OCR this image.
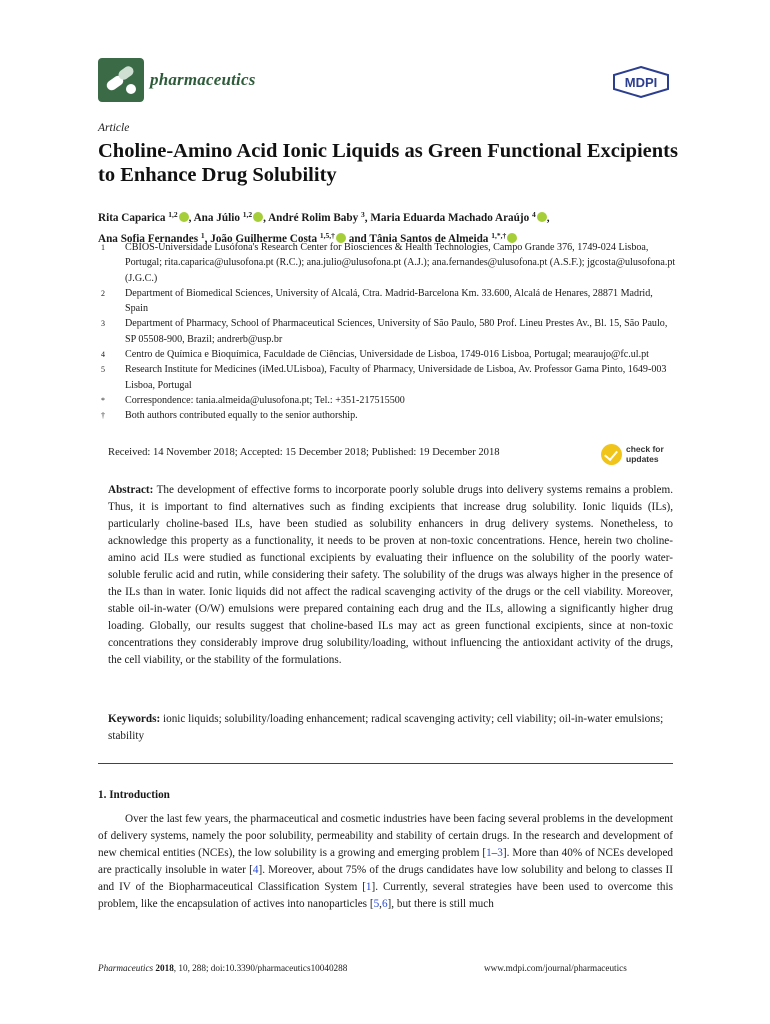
pharmaceutics	MDPI
Article
Choline-Amino Acid Ionic Liquids as Green Functional Excipients to Enhance Drug Solubility
Rita Caparica $^{1,2}$ , Ana Júlio $^{1,2}$ , André Rolim Baby $^3$, Maria Eduarda Machado Araújo $^4$ ,
Ana Sofia Fernandes $^1$, João Guilherme Costa $^{1,5,\dagger}$ and Tânia Santos de Almeida $^{1,*,\dagger}$
1	CBIOS-Universidade Lusófona's Research Center for Biosciences & Health Technologies, Campo Grande 376, 1749-024 Lisboa, Portugal; rita.caparica@ulusofona.pt (R.C.); ana.julio@ulusofona.pt (A.J.); ana.fernandes@ulusofona.pt (A.S.F.); jgcosta@ulusofona.pt (J.G.C.)
2	Department of Biomedical Sciences, University of Alcalá, Ctra. Madrid-Barcelona Km. 33.600, Alcalá de Henares, 28871 Madrid, Spain
3	Department of Pharmacy, School of Pharmaceutical Sciences, University of São Paulo, 580 Prof. Lineu Prestes Av., Bl. 15, São Paulo, SP 05508-900, Brazil; andrerb@usp.br
4	Centro de Química e Bioquímica, Faculdade de Ciências, Universidade de Lisboa, 1749-016 Lisboa, Portugal; mearaujo@fc.ul.pt
5	Research Institute for Medicines (iMed.ULisboa), Faculty of Pharmacy, Universidade de Lisboa, Av. Professor Gama Pinto, 1649-003 Lisboa, Portugal
*	Correspondence: tania.almeida@ulusofona.pt; Tel.: +351-217515500
†	Both authors contributed equally to the senior authorship.
Received: 14 November 2018; Accepted: 15 December 2018; Published: 19 December 2018	check for
updates
Abstract: The development of effective forms to incorporate poorly soluble drugs into delivery systems remains a problem. Thus, it is important to find alternatives such as finding excipients that increase drug solubility. Ionic liquids (ILs), particularly choline-based ILs, have been studied as solubility enhancers in drug delivery systems. Nonetheless, to acknowledge this property as a functionality, it needs to be proven at non-toxic concentrations. Hence, herein two choline-amino acid ILs were studied as functional excipients by evaluating their influence on the solubility of the poorly water-soluble ferulic acid and rutin, while considering their safety. The solubility of the drugs was always higher in the presence of the ILs than in water. Ionic liquids did not affect the radical scavenging activity of the drugs or the cell viability. Moreover, stable oil-in-water (O/W) emulsions were prepared containing each drug and the ILs, allowing a significantly higher drug loading. Globally, our results suggest that choline-based ILs may act as green functional excipients, since at non-toxic concentrations they considerably improve drug solubility/loading, without influencing the antioxidant activity of the drugs, the cell viability, or the stability of the formulations.
Keywords: ionic liquids; solubility/loading enhancement; radical scavenging activity; cell viability; oil-in-water emulsions; stability
1. Introduction
Over the last few years, the pharmaceutical and cosmetic industries have been facing several problems in the development of delivery systems, namely the poor solubility, permeability and stability of certain drugs. In the research and development of new chemical entities (NCEs), the low solubility is a growing and emerging problem [1–3]. More than 40% of NCEs developed are practically insoluble in water [4]. Moreover, about 75% of the drugs candidates have low solubility and belong to classes II and IV of the Biopharmaceutical Classification System [1]. Currently, several strategies have been used to overcome this problem, like the encapsulation of actives into nanoparticles [5,6], but there is still much
Pharmaceutics 2018, 10, 288; doi:10.3390/pharmaceutics10040288	www.mdpi.com/journal/pharmaceutics
